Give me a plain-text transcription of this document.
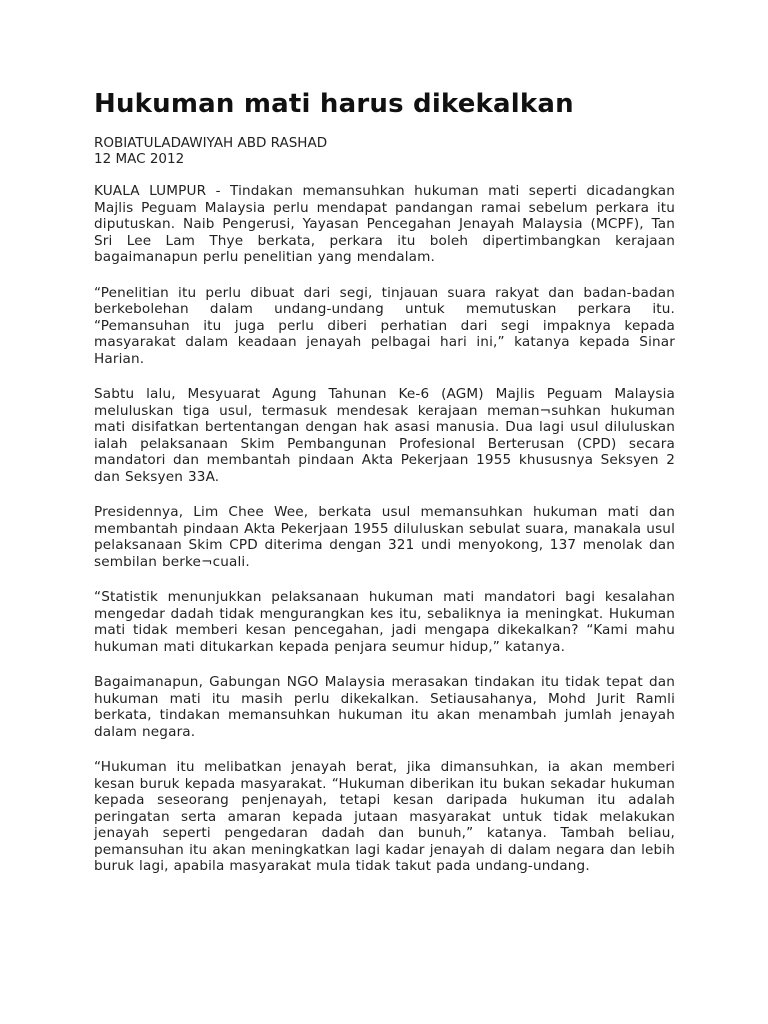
Hukuman mati harus dikekalkan
ROBIATULADAWIYAH ABD RASHAD
12 MAC 2012

KUALA LUMPUR - Tindakan memansuhkan hukuman mati seperti dicadangkan Majlis Peguam Malaysia perlu mendapat pandangan ramai sebelum perkara itu diputuskan. Naib Pengerusi, Yayasan Pencegahan Jenayah Malaysia (MCPF), Tan Sri Lee Lam Thye berkata, perkara itu boleh dipertimbangkan kerajaan bagaimanapun perlu penelitian yang mendalam.

“Penelitian itu perlu dibuat dari segi, tinjauan suara rakyat dan badan-badan berkebolehan dalam undang-undang untuk memutuskan perkara itu. “Pemansuhan itu juga perlu diberi perhatian dari segi impaknya kepada masyarakat dalam keadaan jenayah pelbagai hari ini,” katanya kepada Sinar Harian.

Sabtu lalu, Mesyuarat Agung Tahunan Ke-6 (AGM) Majlis Peguam Malaysia meluluskan tiga usul, termasuk mendesak kerajaan meman¬suhkan hukuman mati disifatkan bertentangan dengan hak asasi manusia. Dua lagi usul diluluskan ialah pelaksanaan Skim Pembangunan Profesional Berterusan (CPD) secara mandatori dan membantah pindaan Akta Pekerjaan 1955 khususnya Seksyen 2 dan Seksyen 33A.

Presidennya, Lim Chee Wee, berkata usul memansuhkan hukuman mati dan membantah pindaan Akta Pekerjaan 1955 diluluskan sebulat suara, manakala usul pelaksanaan Skim CPD diterima dengan 321 undi menyokong, 137 menolak dan sembilan berke¬cuali.

“Statistik menunjukkan pelaksanaan hukuman mati mandatori bagi kesalahan mengedar dadah tidak mengurangkan kes itu, sebaliknya ia meningkat. Hukuman mati tidak memberi kesan pencegahan, jadi mengapa dikekalkan? “Kami mahu hukuman mati ditukarkan kepada penjara seumur hidup,” katanya.

Bagaimanapun, Gabungan NGO Malaysia merasakan tindakan itu tidak tepat dan hukuman mati itu masih perlu dikekalkan. Setiausahanya, Mohd Jurit Ramli berkata, tindakan memansuhkan hukuman itu akan menambah jumlah jenayah dalam negara.

“Hukuman itu melibatkan jenayah berat, jika dimansuhkan, ia akan memberi kesan buruk kepada masyarakat. “Hukuman diberikan itu bukan sekadar hukuman kepada seseorang penjenayah, tetapi kesan daripada hukuman itu adalah peringatan serta amaran kepada jutaan masyarakat untuk tidak melakukan jenayah seperti pengedaran dadah dan bunuh,” katanya. Tambah beliau, pemansuhan itu akan meningkatkan lagi kadar jenayah di dalam negara dan lebih buruk lagi, apabila masyarakat mula tidak takut pada undang-undang.
